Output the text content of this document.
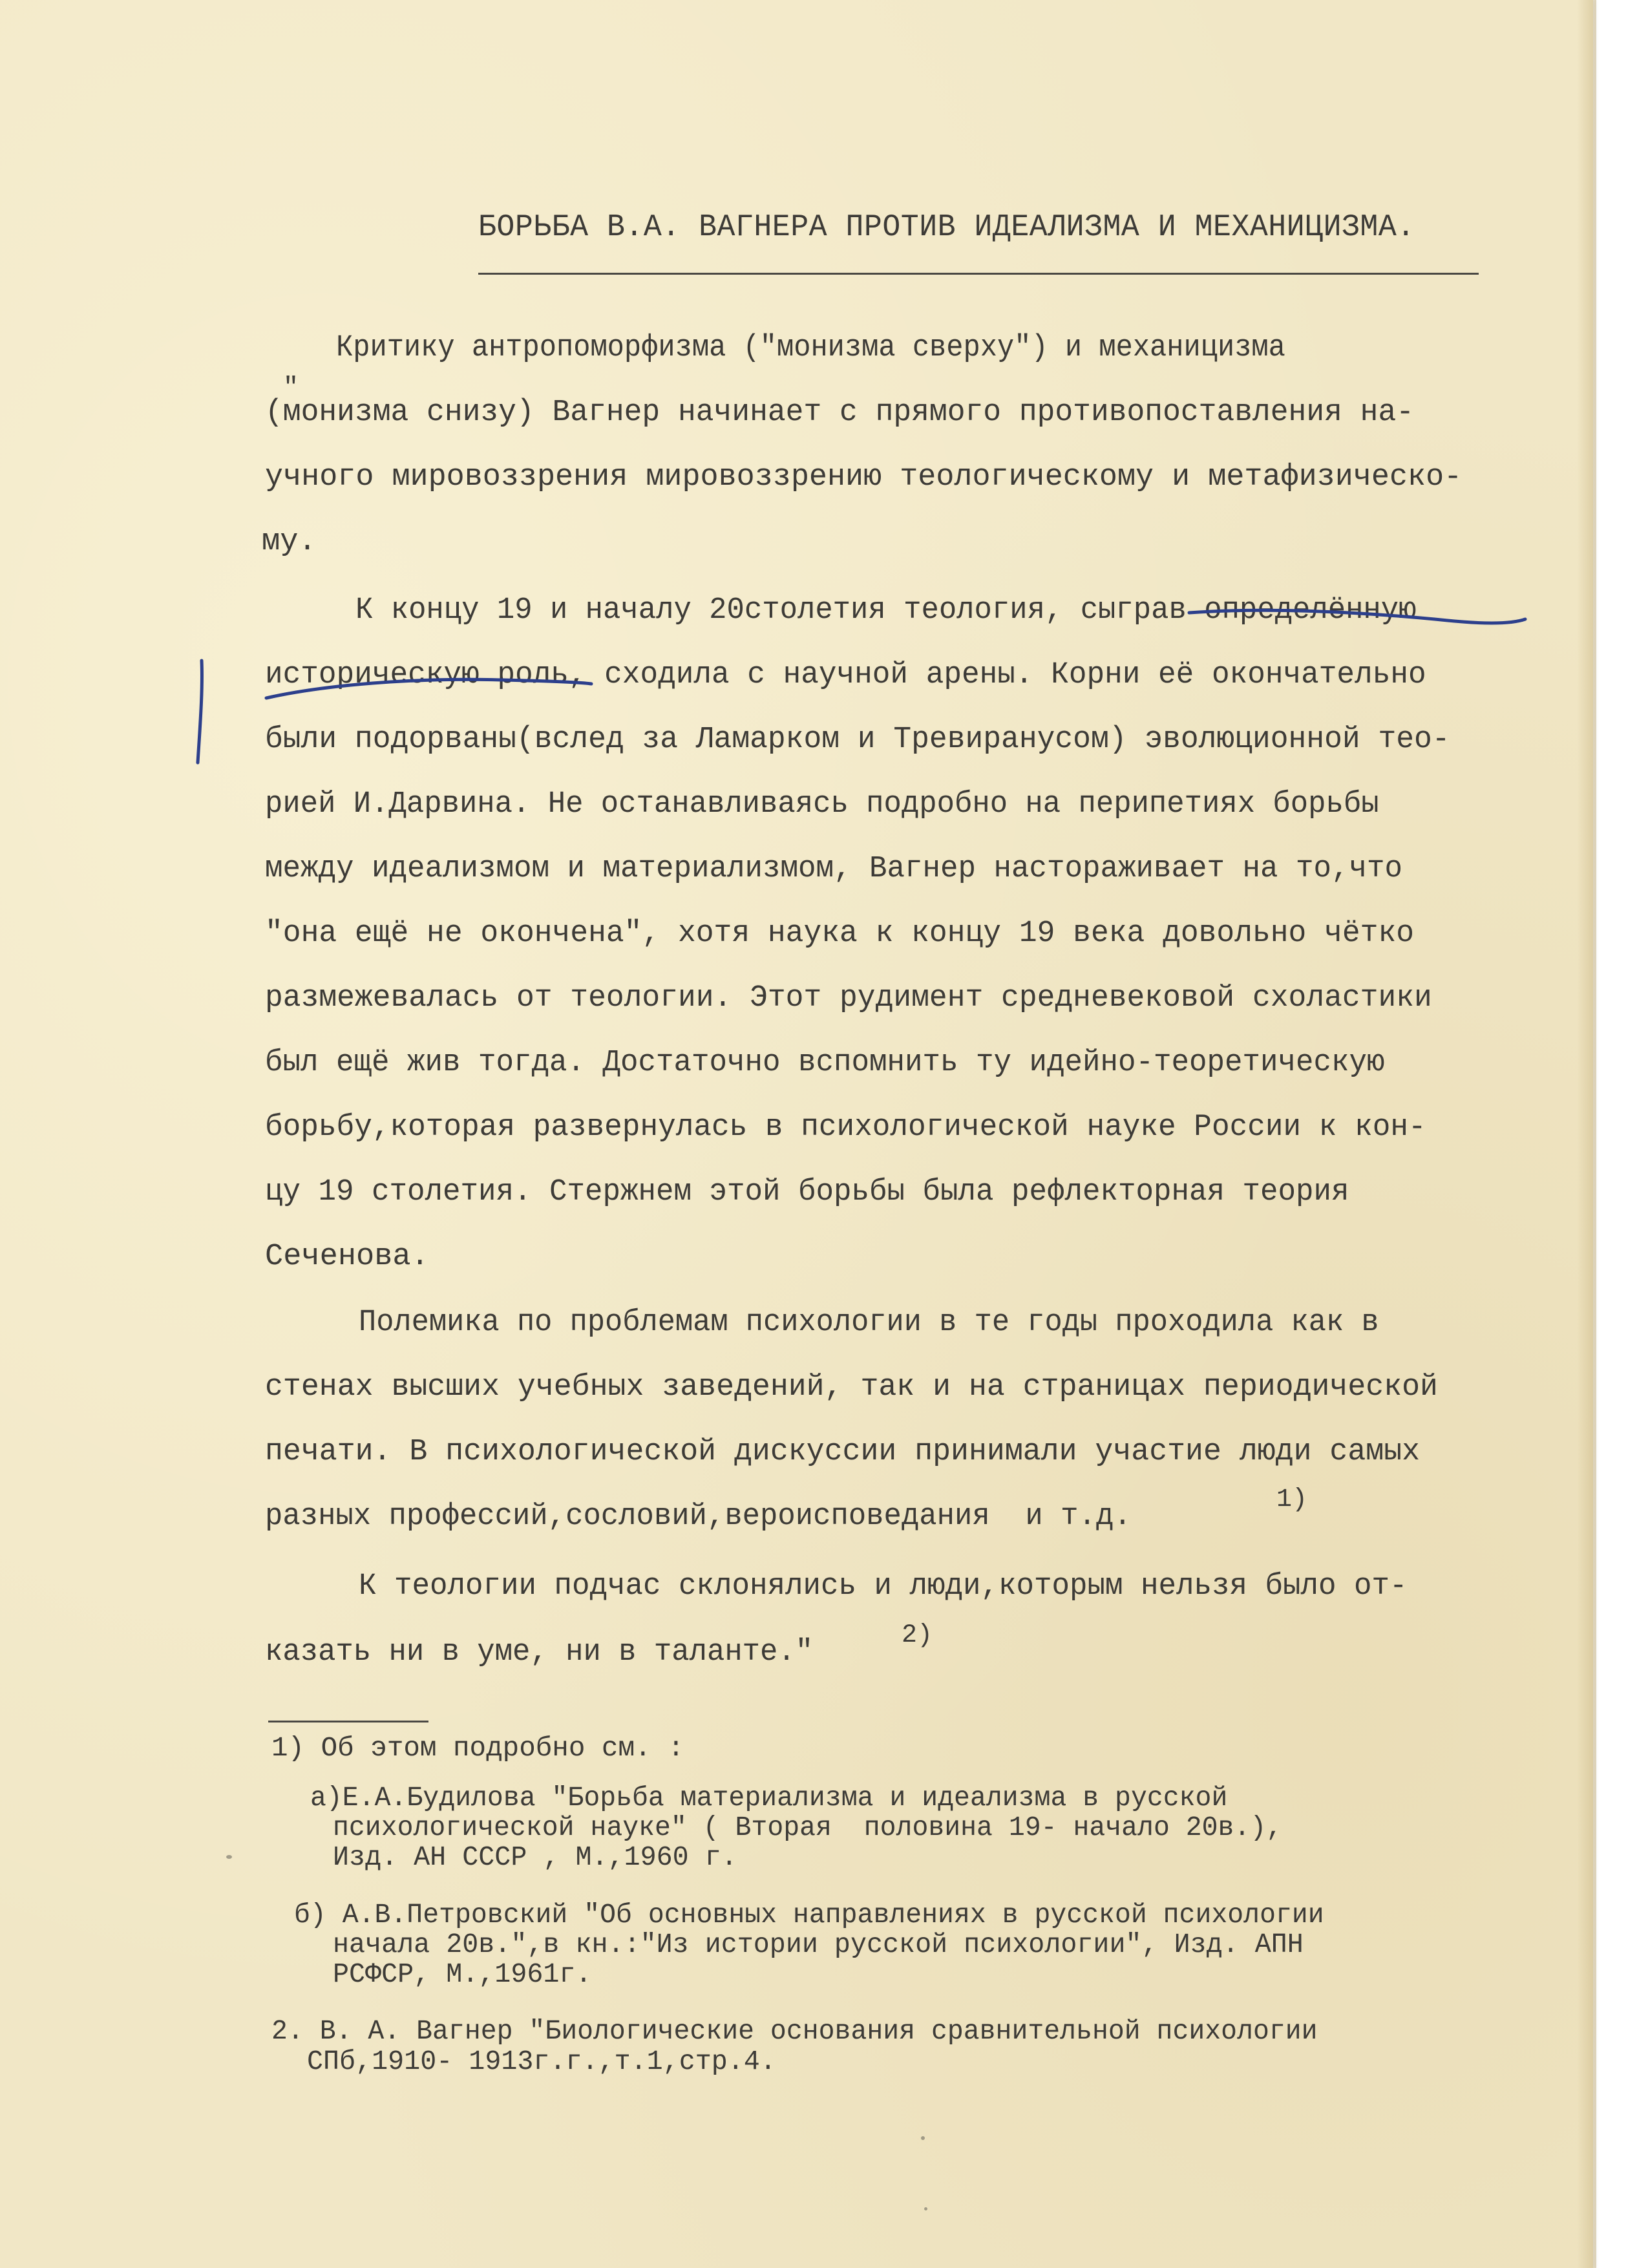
БОРЬБА В.А. ВАГНЕРА ПРОТИВ ИДЕАЛИЗМА И МЕХАНИЦИЗМА.
Критику антропоморфизма ("монизма сверху") и механицизма
"
(монизма снизу) Вагнер начинает с прямого противопоставления на-
учного мировоззрения мировоззрению теологическому и метафизическо-
му.
К концу 19 и началу 20столетия теология, сыграв определённую
историческую роль, сходила с научной арены. Корни её окончательно
были подорваны(вслед за Ламарком и Тревиранусом) эволюционной тео-
рией И.Дарвина. Не останавливаясь подробно на перипетиях борьбы
между идеализмом и материализмом, Вагнер настораживает на то,что
"она ещё не окончена", хотя наука к концу 19 века довольно чётко
размежевалась от теологии. Этот рудимент средневековой схоластики
был ещё жив тогда. Достаточно вспомнить ту идейно-теоретическую
борьбу,которая развернулась в психологической науке России к кон-
цу 19 столетия. Стержнем этой борьбы была рефлекторная теория
Сеченова.
Полемика по проблемам психологии в те годы проходила как в
стенах высших учебных заведений, так и на страницах периодической
печати. В психологической дискуссии принимали участие люди самых
разных профессий,сословий,вероисповедания  и т.д.	1)
К теологии подчас склонялись и люди,которым нельзя было от-
казать ни в уме, ни в таланте."	2)
1) Об этом подробно см. :
а)Е.А.Будилова "Борьба материализма и идеализма в русской
психологической науке" ( Вторая  половина 19- начало 20в.),
Изд. АН СССР , М.,1960 г.
б) А.В.Петровский "Об основных направлениях в русской психологии
начала 20в.",в кн.:"Из истории русской психологии", Изд. АПН
РСФСР, М.,1961г.
2. В. А. Вагнер "Биологические основания сравнительной психологии
СПб,1910- 1913г.г.,т.1,стр.4.
